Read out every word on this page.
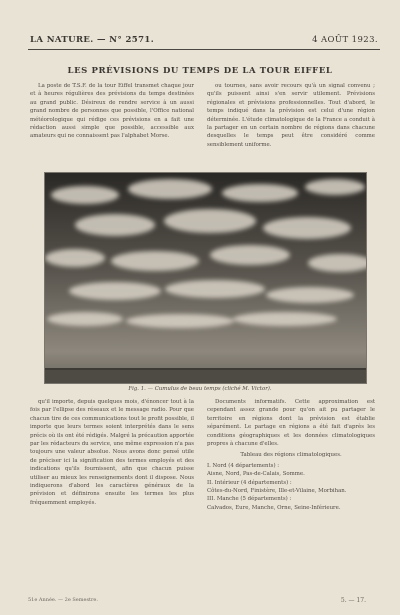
LA NATURE. — N° 2571.	4 AOÛT 1923.
LES PRÉVISIONS DU TEMPS DE LA TOUR EIFFEL

La poste de T.S.F. de la tour Eiffel transmet chaque jour et à heures régulières des prévisions du temps destinées au grand public. Désireux de rendre service à un aussi grand nombre de personnes que possible, l'Office national météorologique qui rédige ces prévisions en a fait une rédaction aussi simple que possible, accessible aux amateurs qui ne connaissent pas l'alphabet Morse.

ou tournes, sans avoir recours qu'à un signal convenu ; qu'ils puissent ainsi s'en servir utilement. Prévisions régionales et prévisions professionnelles. Tout d'abord, le temps indiqué dans la prévision est celui d'une région déterminée. L'étude climatologique de la France a conduit à la partager en un certain nombre de régions dans chacune desquelles le temps peut être considéré comme sensiblement uniforme.

Fig. 1. — Cumulus de beau temps (cliché M. Victor).

qu'il importe, depuis quelques mois, d'énoncer tout à la fois par l'ellipse des réseaux et le message radio. Pour que chacun tire de ces communications tout le profit possible, il importe que leurs termes soient interprétés dans le sens précis où ils ont été rédigés. Malgré la précaution apportée par les rédacteurs du service, une même expression n'a pas toujours une valeur absolue. Nous avons donc pensé utile de préciser ici la signification des termes employés et des indications qu'ils fournissent, afin que chacun puisse utiliser au mieux les renseignements dont il dispose. Nous indiquerons d'abord les caractères généraux de la prévision et définirons ensuite les termes les plus fréquemment employés.

Documents informatifs. Cette approximation est cependant assez grande pour qu'on ait pu partager le territoire en régions dont la prévision est établie séparément. Le partage en régions a été fait d'après les conditions géographiques et les données climatologiques propres à chacune d'elles.

Tableau des régions climatologiques.

I. Nord (4 départements) :

Aisne, Nord, Pas-de-Calais, Somme.

II. Intérieur (4 départements) :

Côtes-du-Nord, Finistère, Ille-et-Vilaine, Morbihan.

III. Manche (5 départements) :

Calvados, Eure, Manche, Orne, Seine-Inférieure.

51e Année. — 2e Semestre.	5. — 17.
